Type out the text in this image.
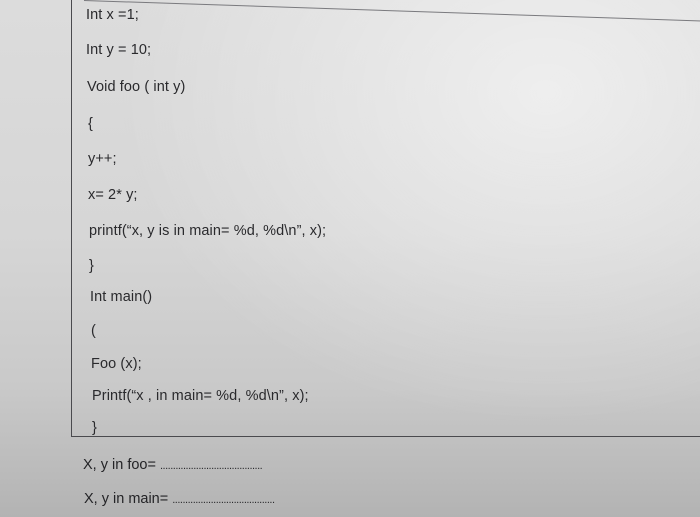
Int x =1;
Int y = 10;
Void foo ( int y)
{
y++;
x= 2* y;
printf(“x, y is in main= %d, %d\n”, x);
}
Int main()
(
Foo (x);
Printf(“x , in main= %d, %d\n”, x);
}
X, y in foo= ........................................
X, y in main= ........................................
